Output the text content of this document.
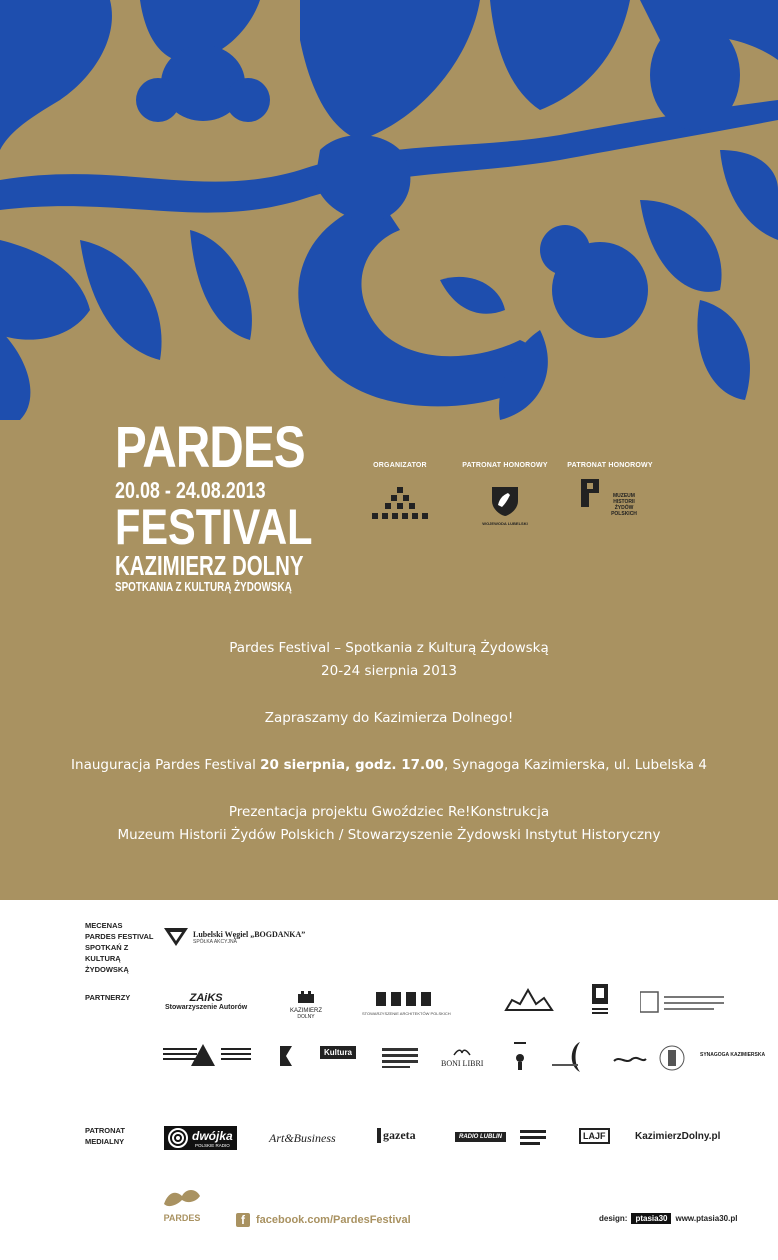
PARDES
20.08 - 24.08.2013
FESTIVAL
KAZIMIERZ DOLNY
SPOTKANIA Z KULTURĄ ŻYDOWSKĄ
ORGANIZATOR	PATRONAT HONOROWY
WOJEWODA LUBELSKI
PATRONAT HONOROWY
MUZEUM HISTORII ŻYDÓW POLSKICH
Pardes Festival – Spotkania z Kulturą Żydowską
20-24 sierpnia 2013
Zapraszamy do Kazimierza Dolnego!
Inauguracja Pardes Festival 20 sierpnia, godz. 17.00, Synagoga Kazimierska, ul. Lubelska 4
Prezentacja projektu Gwoździec Re!Konstrukcja
Muzeum Historii Żydów Polskich / Stowarzyszenie Żydowski Instytut Historyczny
MECENAS PARDES FESTIVAL SPOTKAŃ Z KULTURĄ ŻYDOWSKĄ
Lubelski Węgiel „BOGDANKA”
SPÓŁKA AKCYJNA
PARTNERZY	ZAiKS
Stowarzyszenie Autorów	KAZIMIERZ
DOLNY
STOWARZYSZENIE ARCHITEKTÓW POLSKICH
Kultura
BONI LIBRI
SYNAGOGA KAZIMIERSKA
PATRONAT MEDIALNY	dwójka
POLSKIE RADIO	Art&Business	gazeta	RADIO LUBLIN	LAJF	KazimierzDolny.pl
PARDES	f	facebook.com/PardesFestival	design:	ptasia30	www.ptasia30.pl
